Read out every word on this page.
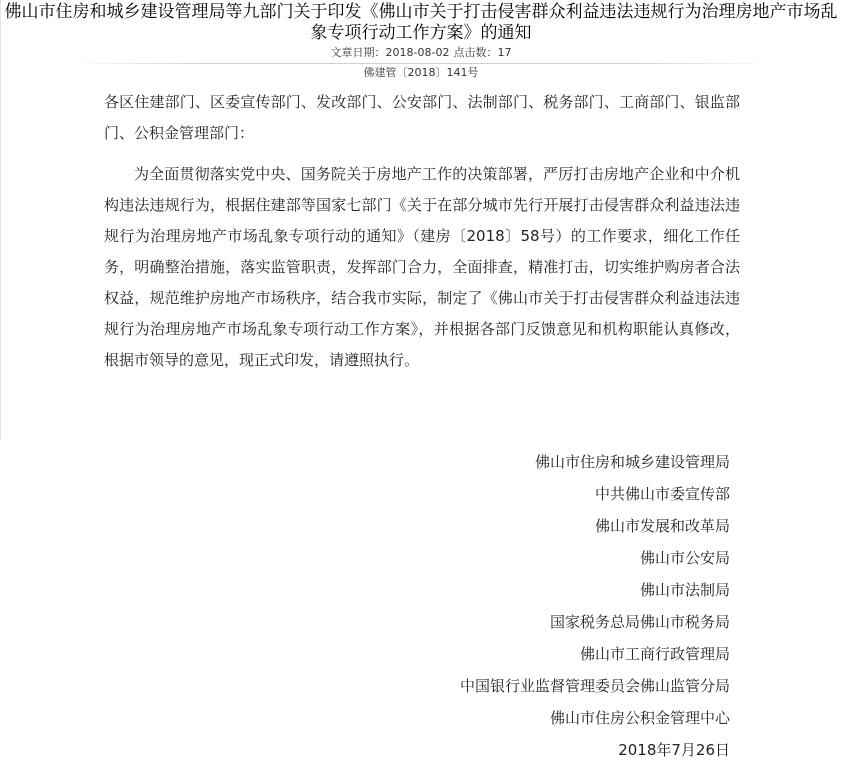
佛山市住房和城乡建设管理局等九部门关于印发《佛山市关于打击侵害群众利益违法违规行为治理房地产市场乱象专项行动工作方案》的通知
文章日期：2018-08-02 点击数：17
佛建管〔2018〕141号

各区住建部门、区委宣传部门、发改部门、公安部门、法制部门、税务部门、工商部门、银监部门、公积金管理部门：

为全面贯彻落实党中央、国务院关于房地产工作的决策部署，严厉打击房地产企业和中介机构违法违规行为，根据住建部等国家七部门《关于在部分城市先行开展打击侵害群众利益违法违规行为治理房地产市场乱象专项行动的通知》（建房〔2018〕58号）的工作要求，细化工作任务，明确整治措施，落实监管职责，发挥部门合力，全面排查，精准打击，切实维护购房者合法权益，规范维护房地产市场秩序，结合我市实际，制定了《佛山市关于打击侵害群众利益违法违规行为治理房地产市场乱象专项行动工作方案》，并根据各部门反馈意见和机构职能认真修改，根据市领导的意见，现正式印发，请遵照执行。

佛山市住房和城乡建设管理局
中共佛山市委宣传部
佛山市发展和改革局
佛山市公安局
佛山市法制局
国家税务总局佛山市税务局
佛山市工商行政管理局
中国银行业监督管理委员会佛山监管分局
佛山市住房公积金管理中心
2018年7月26日
